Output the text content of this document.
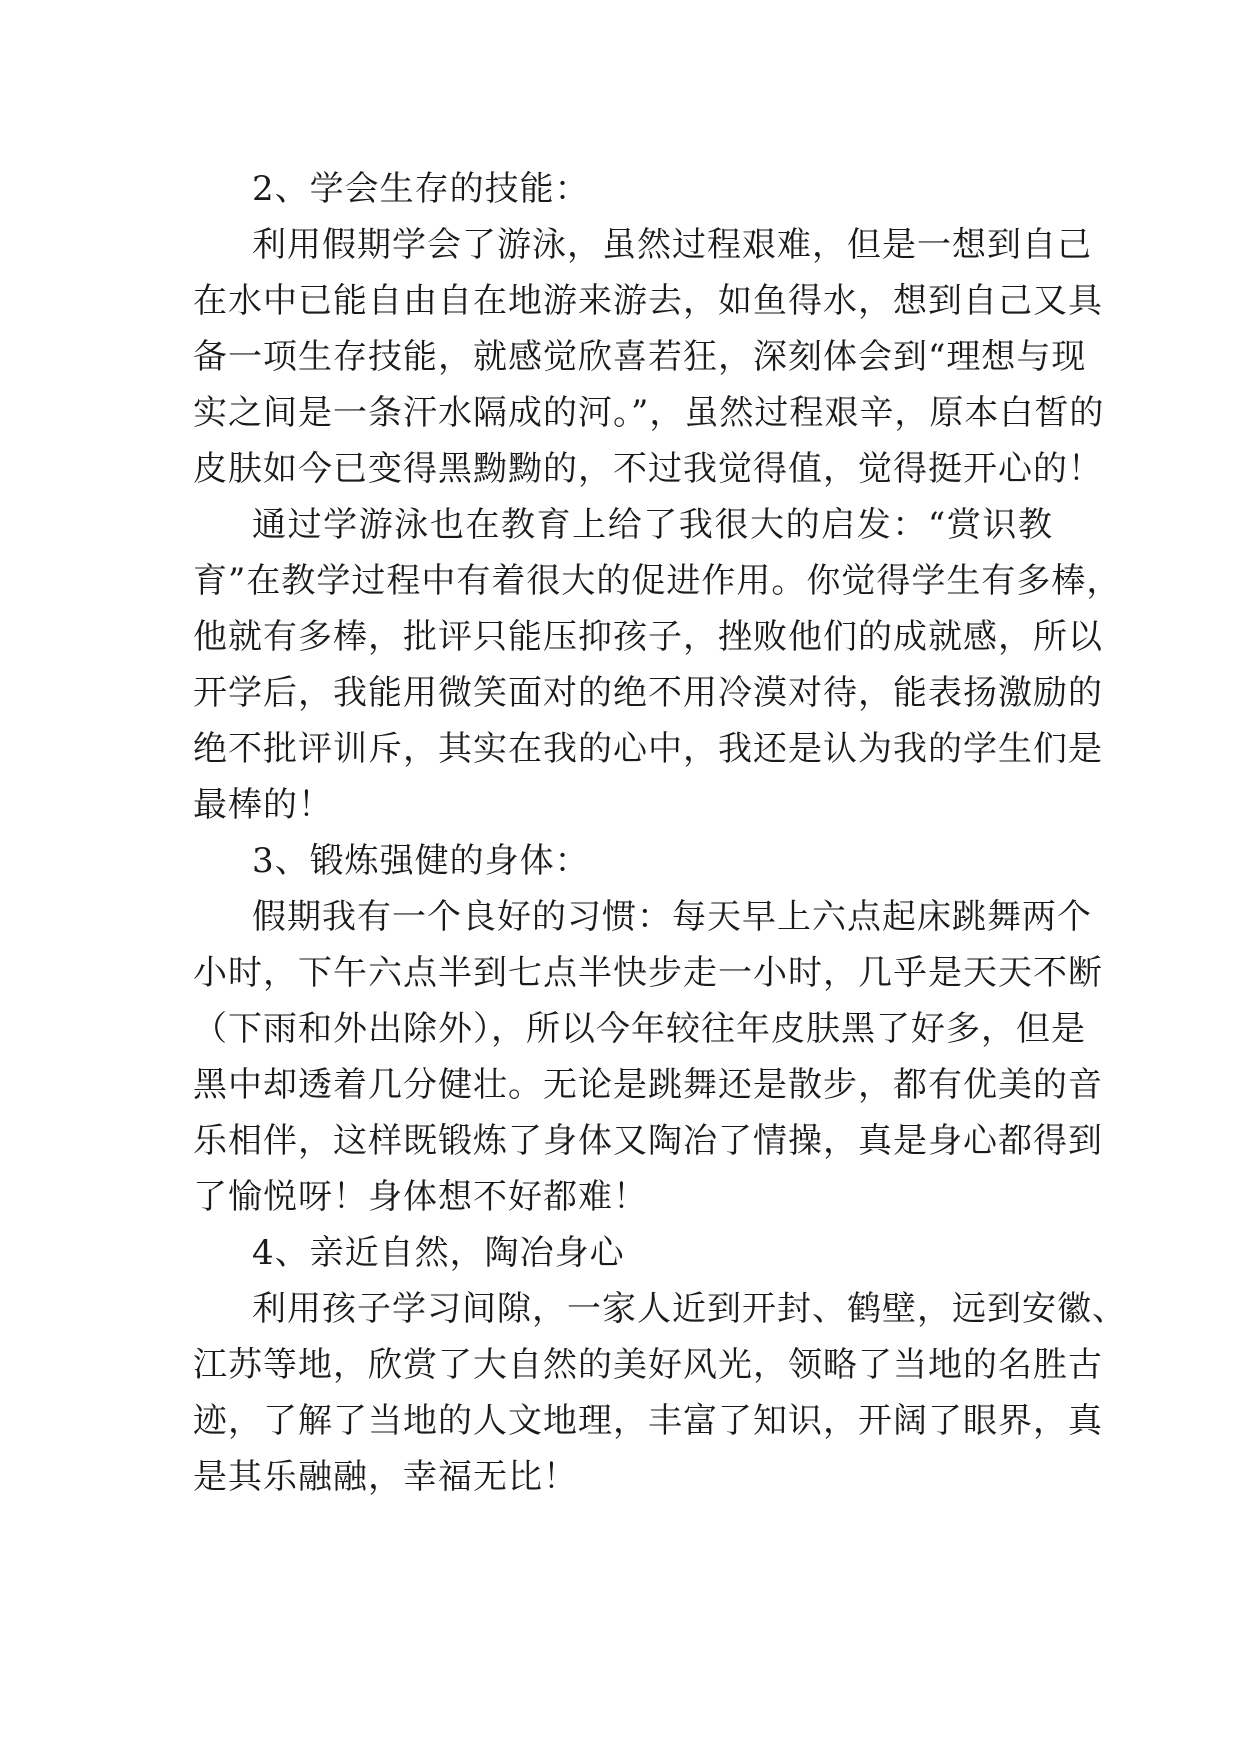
2、学会生存的技能：
利用假期学会了游泳，虽然过程艰难，但是一想到自己
在水中已能自由自在地游来游去，如鱼得水，想到自己又具
备一项生存技能，就感觉欣喜若狂，深刻体会到“理想与现
实之间是一条汗水隔成的河。”，虽然过程艰辛，原本白皙的
皮肤如今已变得黑黝黝的，不过我觉得值，觉得挺开心的！
通过学游泳也在教育上给了我很大的启发：“赏识教
育”在教学过程中有着很大的促进作用。你觉得学生有多棒，
他就有多棒，批评只能压抑孩子，挫败他们的成就感，所以
开学后，我能用微笑面对的绝不用冷漠对待，能表扬激励的
绝不批评训斥，其实在我的心中，我还是认为我的学生们是
最棒的！
3、锻炼强健的身体：
假期我有一个良好的习惯：每天早上六点起床跳舞两个
小时，下午六点半到七点半快步走一小时，几乎是天天不断
（下雨和外出除外），所以今年较往年皮肤黑了好多，但是
黑中却透着几分健壮。无论是跳舞还是散步，都有优美的音
乐相伴，这样既锻炼了身体又陶冶了情操，真是身心都得到
了愉悦呀！身体想不好都难！
4、亲近自然，陶冶身心
利用孩子学习间隙，一家人近到开封、鹤壁，远到安徽、
江苏等地，欣赏了大自然的美好风光，领略了当地的名胜古
迹，了解了当地的人文地理，丰富了知识，开阔了眼界，真
是其乐融融，幸福无比！
